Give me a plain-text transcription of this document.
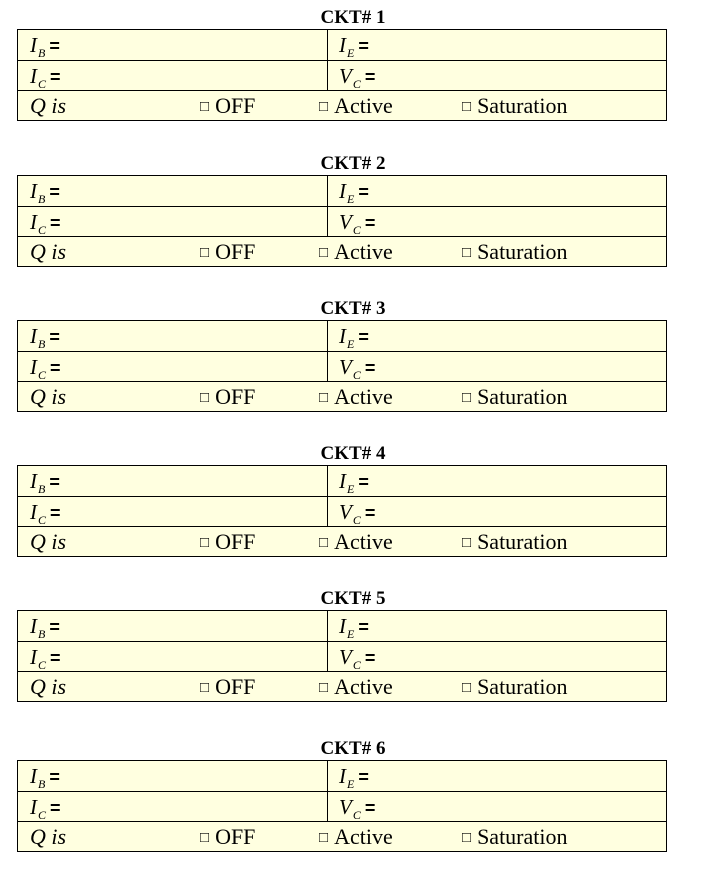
CKT# 1
$I_B$ =	$I_E$ =
$I_C$ =	$V_C$ =
Q is	□ OFF	□ Active	□ Saturation
CKT# 2
$I_B$ =	$I_E$ =
$I_C$ =	$V_C$ =
Q is	□ OFF	□ Active	□ Saturation
CKT# 3
$I_B$ =	$I_E$ =
$I_C$ =	$V_C$ =
Q is	□ OFF	□ Active	□ Saturation
CKT# 4
$I_B$ =	$I_E$ =
$I_C$ =	$V_C$ =
Q is	□ OFF	□ Active	□ Saturation
CKT# 5
$I_B$ =	$I_E$ =
$I_C$ =	$V_C$ =
Q is	□ OFF	□ Active	□ Saturation
CKT# 6
$I_B$ =	$I_E$ =
$I_C$ =	$V_C$ =
Q is	□ OFF	□ Active	□ Saturation
